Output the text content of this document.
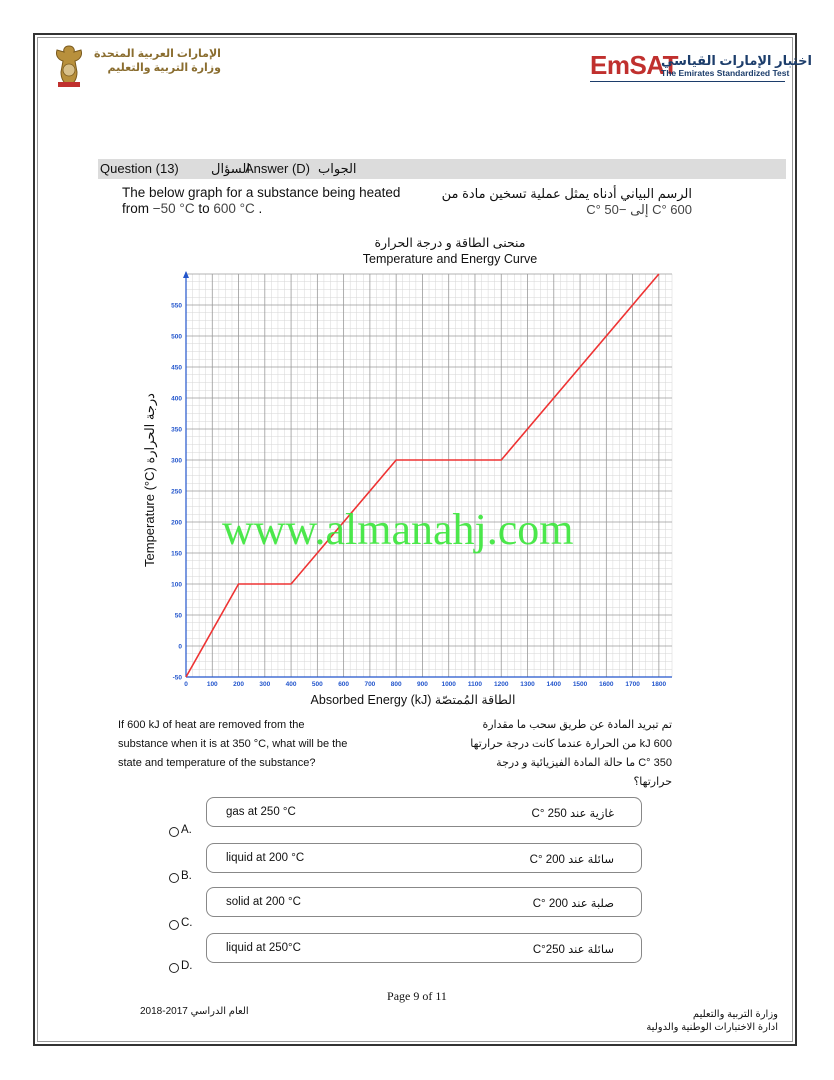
الإمارات العربية المتحدة
وزارة التربية والتعليم	EmSAT
اختبار الإمارات القياسي
The Emirates Standardized Test
Question (13) السؤال
Answer (D) الجواب
The below graph for a substance being heated
from −50 °C to 600 °C .
الرسم البياني أدناه يمثل عملية تسخين مادة من
600 °C إلى −50 °C
منحنى الطاقة و درجة الحرارة
Temperature and Energy Curve
0	100 200 300 400 500 600 700 800 900 1000 1100 1200 1300 1400 1500 1600 1700 1800
-50
0
50
100
150
200
250
300
350
400
450
500
550
Absorbed Energy (kJ) الطاقة المُمتصّة
Temperature (°C) درجة الحرارة
www.almanahj.com
If 600 kJ of heat are removed from the
substance when it is at 350 °C, what will be the
state and temperature of the substance?
تم تبريد المادة عن طريق سحب ما مقدارة
600 kJ من الحرارة عندما كانت درجة حرارتها
350 °C ما حالة المادة الفيزيائية و درجة
حرارتها؟
A.
gas at 250 °C	غازية عند 250 °C
B.
liquid at 200 °C	سائلة عند 200 °C
C.
solid at 200 °C	صلبة عند 200 °C
D.
liquid at 250°C	سائلة عند 250°C
Page 9 of 11
العام الدراسي 2017-2018	وزارة التربية والتعليم
ادارة الاختبارات الوطنية والدولية
